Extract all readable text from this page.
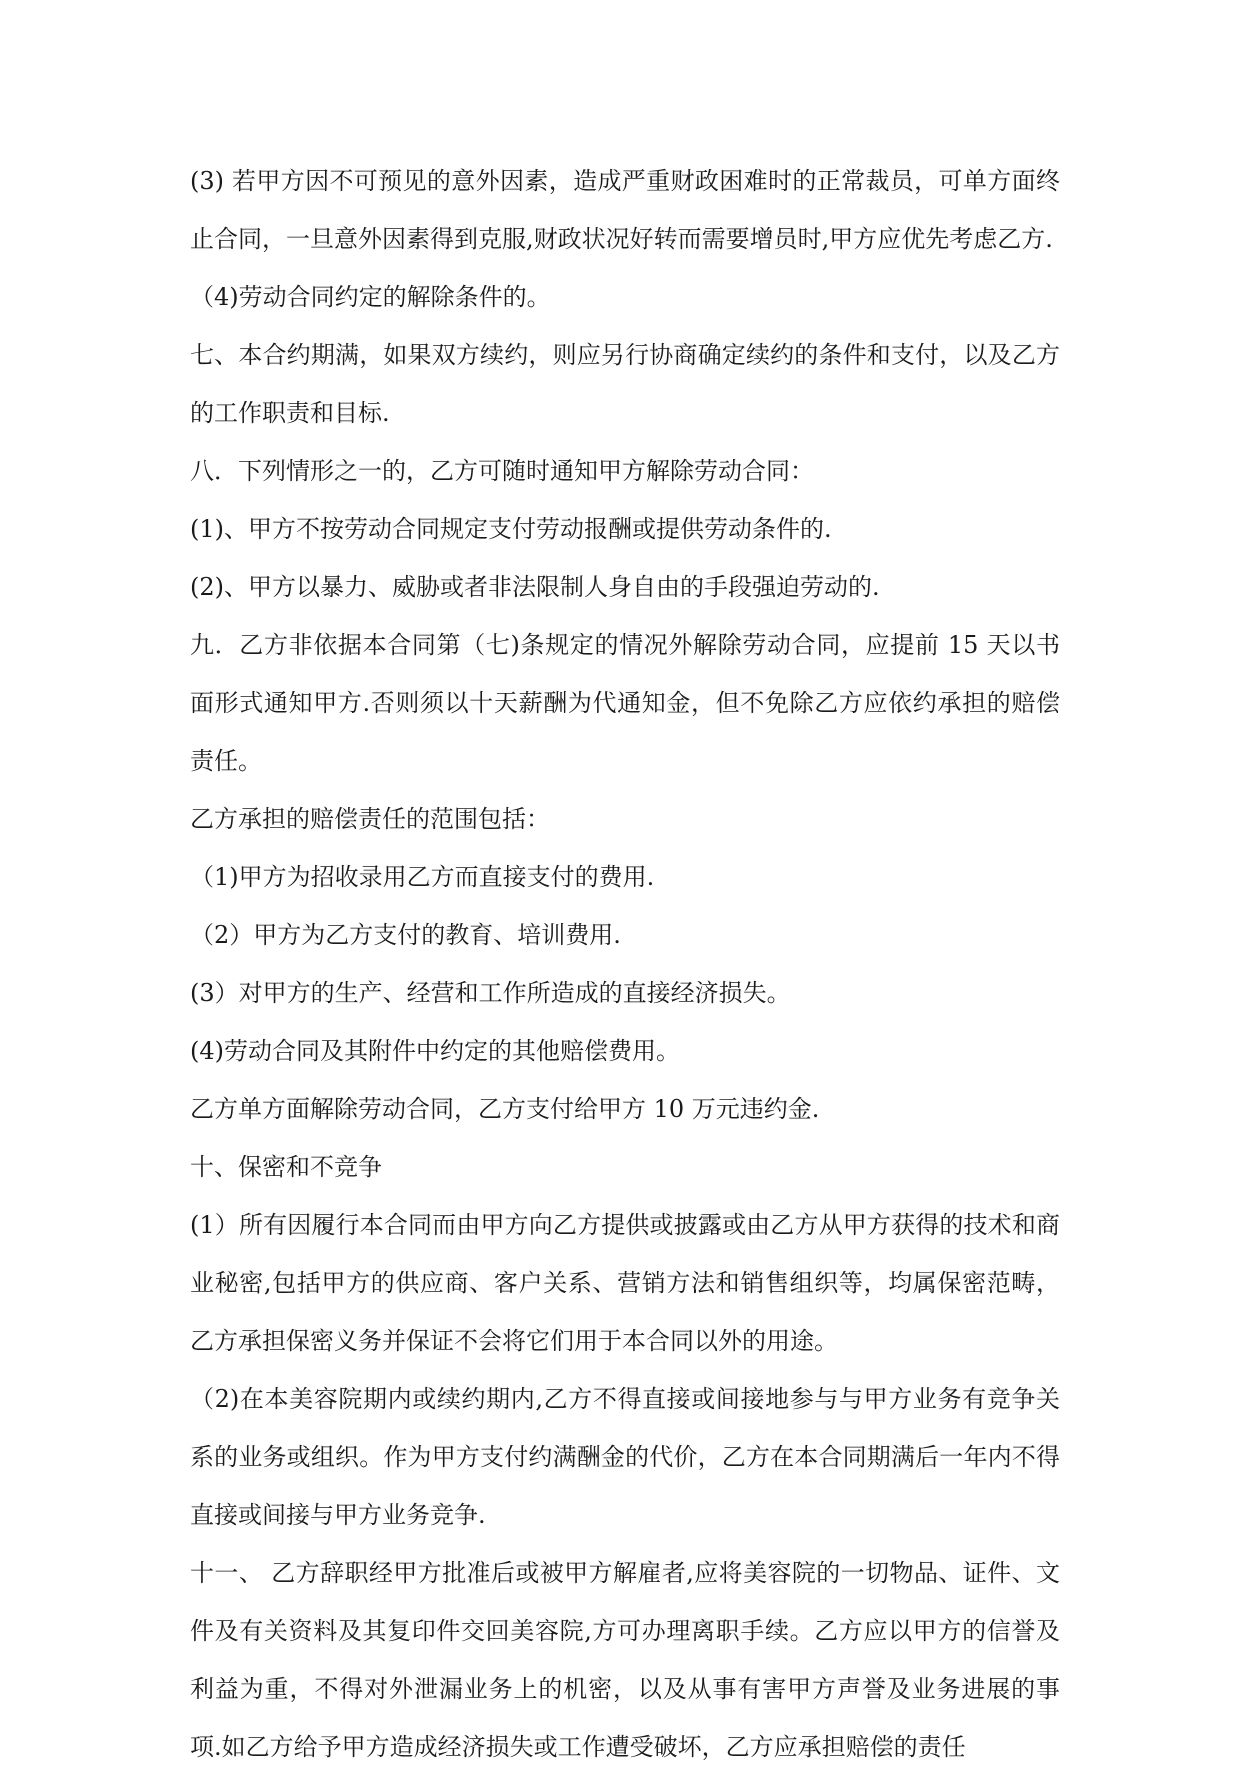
(3) 若甲方因不可预见的意外因素，造成严重财政困难时的正常裁员，可单方面终止合同，一旦意外因素得到克服,财政状况好转而需要增员时,甲方应优先考虑乙方.

（4)劳动合同约定的解除条件的。

七、本合约期满，如果双方续约，则应另行协商确定续约的条件和支付，以及乙方的工作职责和目标.

八．下列情形之一的，乙方可随时通知甲方解除劳动合同：

(1)、甲方不按劳动合同规定支付劳动报酬或提供劳动条件的.

(2)、甲方以暴力、威胁或者非法限制人身自由的手段强迫劳动的.

九．乙方非依据本合同第（七)条规定的情况外解除劳动合同，应提前 15 天以书面形式通知甲方.否则须以十天薪酬为代通知金，但不免除乙方应依约承担的赔偿责任。

乙方承担的赔偿责任的范围包括：

（1)甲方为招收录用乙方而直接支付的费用.

（2）甲方为乙方支付的教育、培训费用.

(3）对甲方的生产、经营和工作所造成的直接经济损失。

(4)劳动合同及其附件中约定的其他赔偿费用。

乙方单方面解除劳动合同，乙方支付给甲方 10 万元违约金.

十、保密和不竞争

(1）所有因履行本合同而由甲方向乙方提供或披露或由乙方从甲方获得的技术和商业秘密,包括甲方的供应商、客户关系、营销方法和销售组织等，均属保密范畴，乙方承担保密义务并保证不会将它们用于本合同以外的用途。

（2)在本美容院期内或续约期内,乙方不得直接或间接地参与与甲方业务有竞争关系的业务或组织。作为甲方支付约满酬金的代价，乙方在本合同期满后一年内不得直接或间接与甲方业务竞争.

十一、 乙方辞职经甲方批准后或被甲方解雇者,应将美容院的一切物品、证件、文件及有关资料及其复印件交回美容院,方可办理离职手续。乙方应以甲方的信誉及利益为重，不得对外泄漏业务上的机密，以及从事有害甲方声誉及业务进展的事项.如乙方给予甲方造成经济损失或工作遭受破坏，乙方应承担赔偿的责任
